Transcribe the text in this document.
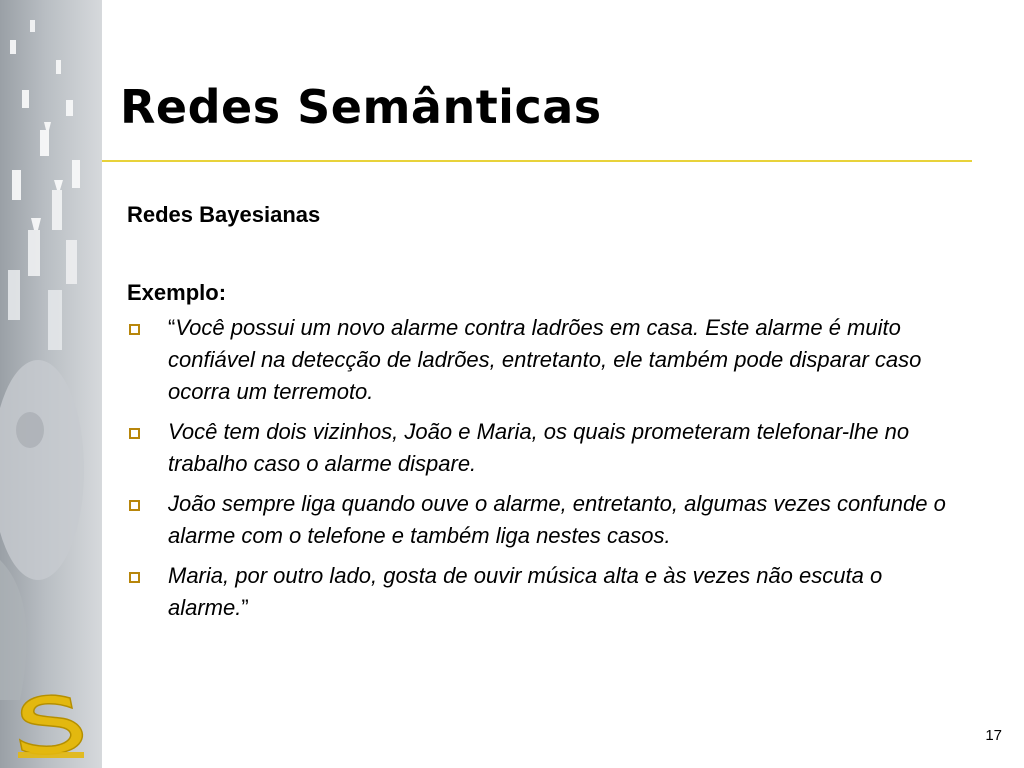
Redes Semânticas

Redes Bayesianas

Exemplo:

“Você possui um novo alarme contra ladrões em casa. Este alarme é muito confiável na detecção de ladrões, entretanto, ele também pode disparar caso ocorra um terremoto.
Você tem dois vizinhos, João e Maria, os quais prometeram telefonar-lhe no trabalho caso o alarme dispare.
João sempre liga quando ouve o alarme, entretanto, algumas vezes confunde o alarme com o telefone e também liga nestes casos.
Maria, por outro lado, gosta de ouvir música alta e às vezes não escuta o alarme.”
17
